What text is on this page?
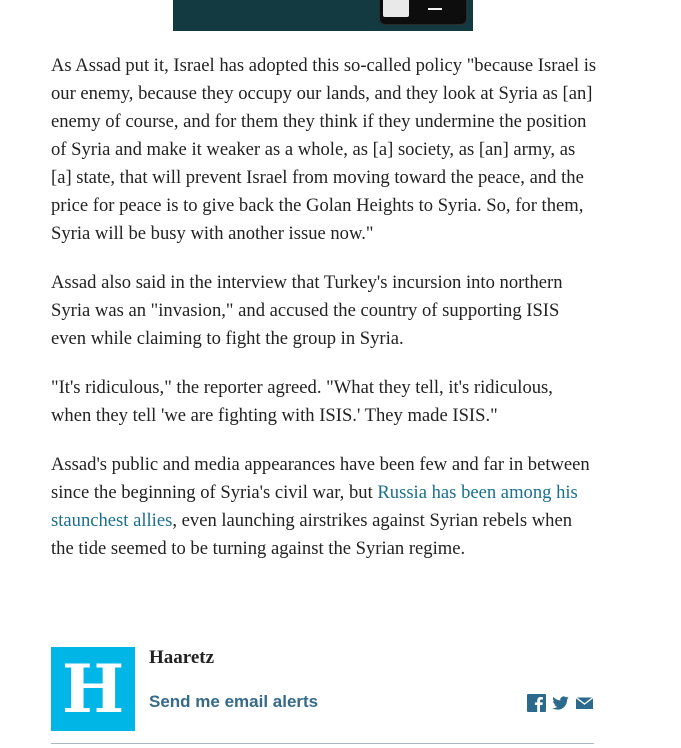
As Assad put it, Israel has adopted this so-called policy "because Israel is our enemy, because they occupy our lands, and they look at Syria as [an] enemy of course, and for them they think if they undermine the position of Syria and make it weaker as a whole, as [a] society, as [an] army, as [a] state, that will prevent Israel from moving toward the peace, and the price for peace is to give back the Golan Heights to Syria. So, for them, Syria will be busy with another issue now."

Assad also said in the interview that Turkey's incursion into northern Syria was an "invasion," and accused the country of supporting ISIS even while claiming to fight the group in Syria.

"It's ridiculous," the reporter agreed. "What they tell, it's ridiculous, when they tell 'we are fighting with ISIS.' They made ISIS."

Assad's public and media appearances have been few and far in between since the beginning of Syria's civil war, but Russia has been among his staunchest allies, even launching airstrikes against Syrian rebels when the tide seemed to be turning against the Syrian regime.

H	Haaretz
Send me email alerts
